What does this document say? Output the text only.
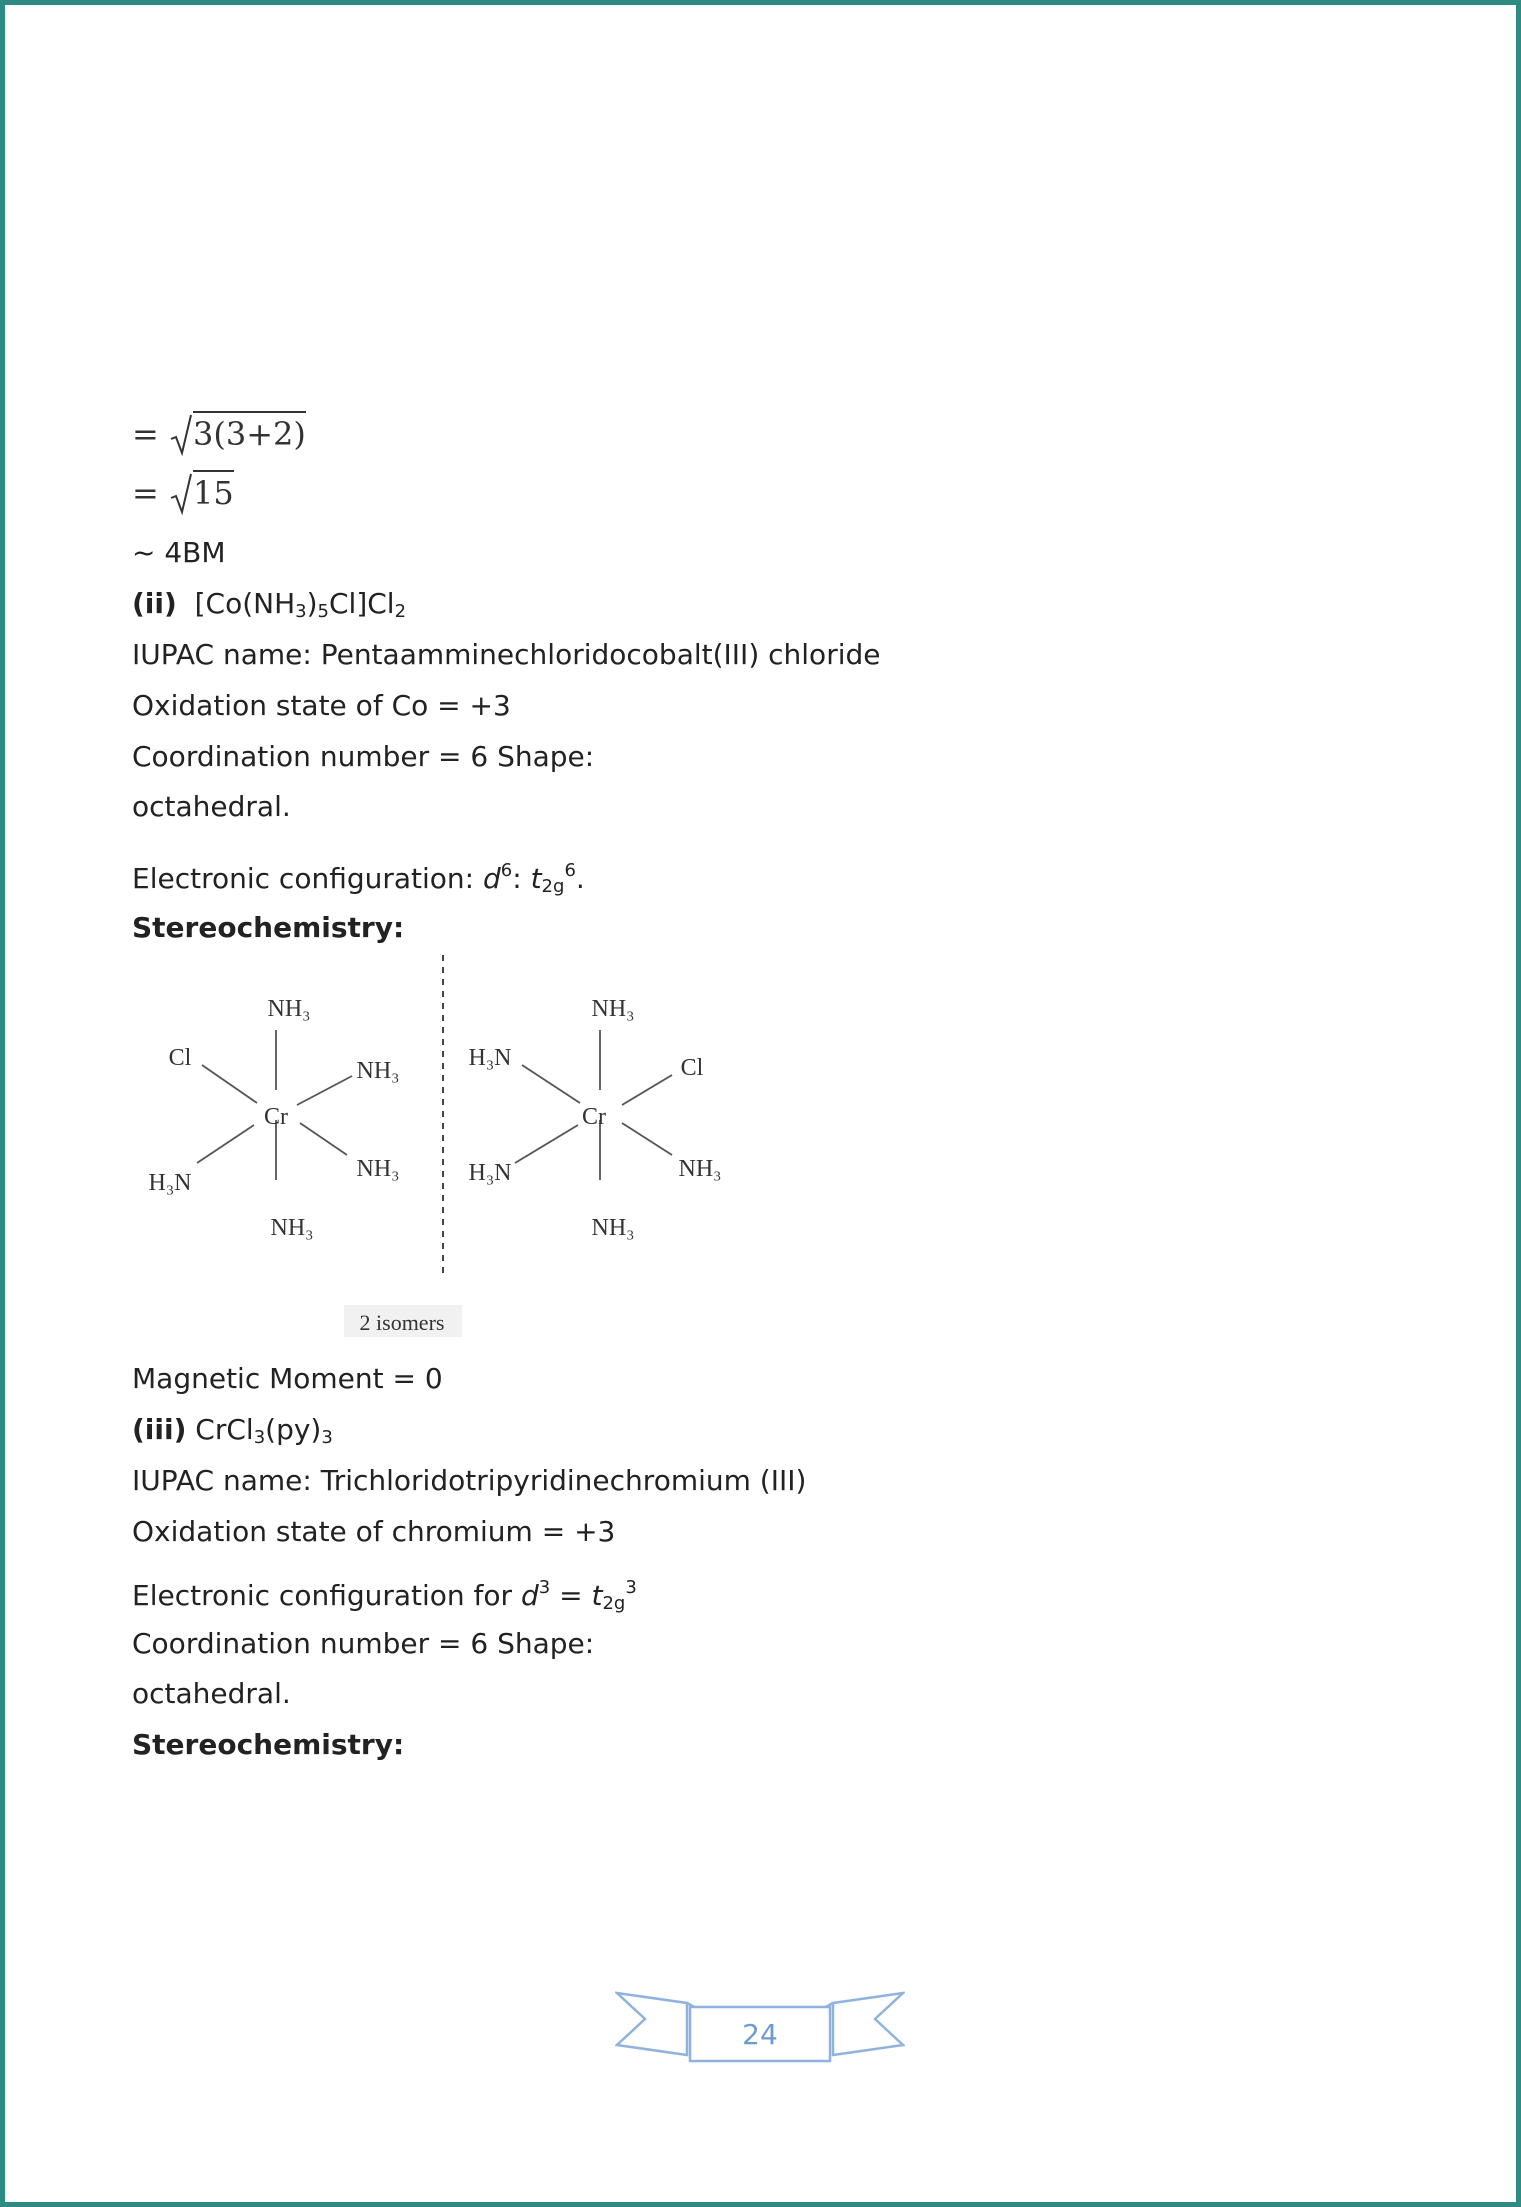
= 3(3+2)
= 15
~ 4BM
(ii) $[Co(NH_3)_5Cl]Cl_2$
IUPAC name: Pentaamminechloridocobalt(III) chloride
Oxidation state of Co = +3
Coordination number = 6 Shape:
octahedral.
Electronic configuration: $d^6$: $t_{2g}^6$.
Stereochemistry:
Magnetic Moment = 0
(iii) $CrCl_3(py)_3$
IUPAC name: Trichloridotripyridinechromium (III)
Oxidation state of chromium = +3
Electronic configuration for $d^3 = t_{2g}^3$
Coordination number = 6 Shape:
octahedral.
Stereochemistry:
Cr
NH₃
NH₃
Cl	NH₃
H₃N
NH₃
Cr
NH₃
NH₃
H₃N	Cl
H₃N	NH₃
2 isomers
24
